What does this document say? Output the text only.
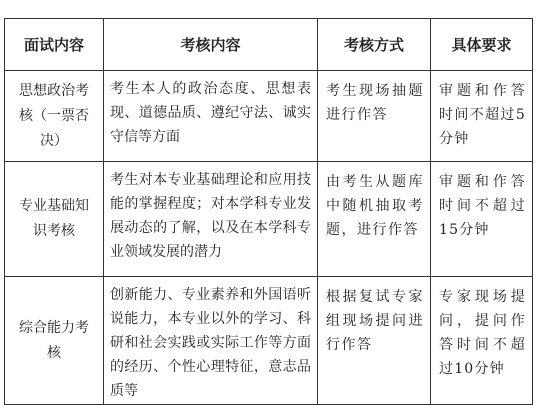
面试内容	考核内容	考核方式	具体要求
思想政治考核（一票否决）	考生本人的政治态度、思想表现、道德品质、遵纪守法、诚实守信等方面	考生现场抽题进行作答	审题和作答时间不超过5分钟
专业基础知识考核	考生对本专业基础理论和应用技能的掌握程度；对本学科专业发展动态的了解，以及在本学科专业领域发展的潜力	由考生从题库中随机抽取考题，进行作答	审题和作答时间不超过15分钟
综合能力考核	创新能力、专业素养和外国语听说能力，本专业以外的学习、科研和社会实践或实际工作等方面的经历、个性心理特征，意志品质等	根据复试专家组现场提问进行作答	专家现场提问，提问作答时间不超过10分钟
